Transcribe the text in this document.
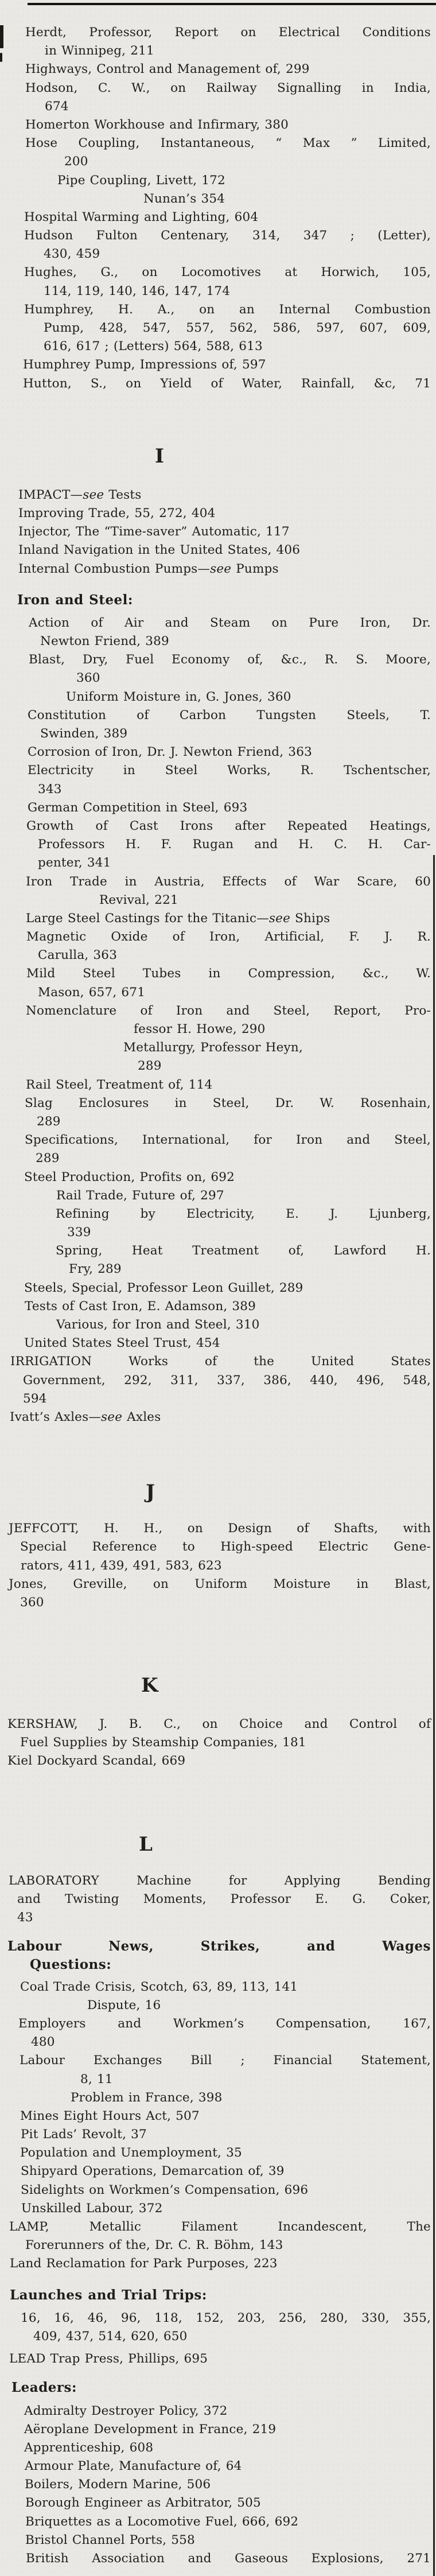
Herdt, Professor, Report on Electrical Conditions
in Winnipeg, 211
Highways, Control and Management of, 299
Hodson, C. W., on Railway Signalling in India,
674
Homerton Workhouse and Infirmary, 380
Hose Coupling, Instantaneous, “ Max ” Limited,
200
Pipe Coupling, Livett, 172
Nunan’s 354
Hospital Warming and Lighting, 604
Hudson Fulton Centenary, 314, 347 ; (Letter),
430, 459
Hughes, G., on Locomotives at Horwich, 105,
114, 119, 140, 146, 147, 174
Humphrey, H. A., on an Internal Combustion
Pump, 428, 547, 557, 562, 586, 597, 607, 609,
616, 617 ; (Letters) 564, 588, 613
Humphrey Pump, Impressions of, 597
Hutton, S., on Yield of Water, Rainfall, &c, 71
I
IMPACT—see Tests
Improving Trade, 55, 272, 404
Injector, The “Time-saver” Automatic, 117
Inland Navigation in the United States, 406
Internal Combustion Pumps—see Pumps
Iron and Steel:
Action of Air and Steam on Pure Iron, Dr.
Newton Friend, 389
Blast, Dry, Fuel Economy of, &c., R. S. Moore,
360
Uniform Moisture in, G. Jones, 360
Constitution of Carbon Tungsten Steels, T.
Swinden, 389
Corrosion of Iron, Dr. J. Newton Friend, 363
Electricity in Steel Works, R. Tschentscher,
343
German Competition in Steel, 693
Growth of Cast Irons after Repeated Heatings,
Professors H. F. Rugan and H. C. H. Car-
penter, 341
Iron Trade in Austria, Effects of War Scare, 60
Revival, 221
Large Steel Castings for the Titanic—see Ships
Magnetic Oxide of Iron, Artificial, F. J. R.
Carulla, 363
Mild Steel Tubes in Compression, &c., W.
Mason, 657, 671
Nomenclature of Iron and Steel, Report, Pro-
fessor H. Howe, 290
Metallurgy, Professor Heyn,
289
Rail Steel, Treatment of, 114
Slag Enclosures in Steel, Dr. W. Rosenhain,
289
Specifications, International, for Iron and Steel,
289
Steel Production, Profits on, 692
Rail Trade, Future of, 297
Refining by Electricity, E. J. Ljunberg,
339
Spring, Heat Treatment of, Lawford H.
Fry, 289
Steels, Special, Professor Leon Guillet, 289
Tests of Cast Iron, E. Adamson, 389
Various, for Iron and Steel, 310
United States Steel Trust, 454
IRRIGATION Works of the United States
Government, 292, 311, 337, 386, 440, 496, 548,
594
Ivatt’s Axles—see Axles
J
JEFFCOTT, H. H., on Design of Shafts, with
Special Reference to High-speed Electric Gene-
rators, 411, 439, 491, 583, 623
Jones, Greville, on Uniform Moisture in Blast,
360
K
KERSHAW, J. B. C., on Choice and Control of
Fuel Supplies by Steamship Companies, 181
Kiel Dockyard Scandal, 669
L
LABORATORY Machine for Applying Bending
and Twisting Moments, Professor E. G. Coker,
43
Labour News, Strikes, and Wages
Questions:
Coal Trade Crisis, Scotch, 63, 89, 113, 141
Dispute, 16
Employers and Workmen’s Compensation, 167,
480
Labour Exchanges Bill ; Financial Statement,
8, 11
Problem in France, 398
Mines Eight Hours Act, 507
Pit Lads’ Revolt, 37
Population and Unemployment, 35
Shipyard Operations, Demarcation of, 39
Sidelights on Workmen’s Compensation, 696
Unskilled Labour, 372
LAMP, Metallic Filament Incandescent, The
Forerunners of the, Dr. C. R. Böhm, 143
Land Reclamation for Park Purposes, 223
Launches and Trial Trips:
16, 16, 46, 96, 118, 152, 203, 256, 280, 330, 355,
409, 437, 514, 620, 650
LEAD Trap Press, Phillips, 695
Leaders:
Admiralty Destroyer Policy, 372
Aëroplane Development in France, 219
Apprenticeship, 608
Armour Plate, Manufacture of, 64
Boilers, Modern Marine, 506
Borough Engineer as Arbitrator, 505
Briquettes as a Locomotive Fuel, 666, 692
Bristol Channel Ports, 558
British Association and Gaseous Explosions, 271
